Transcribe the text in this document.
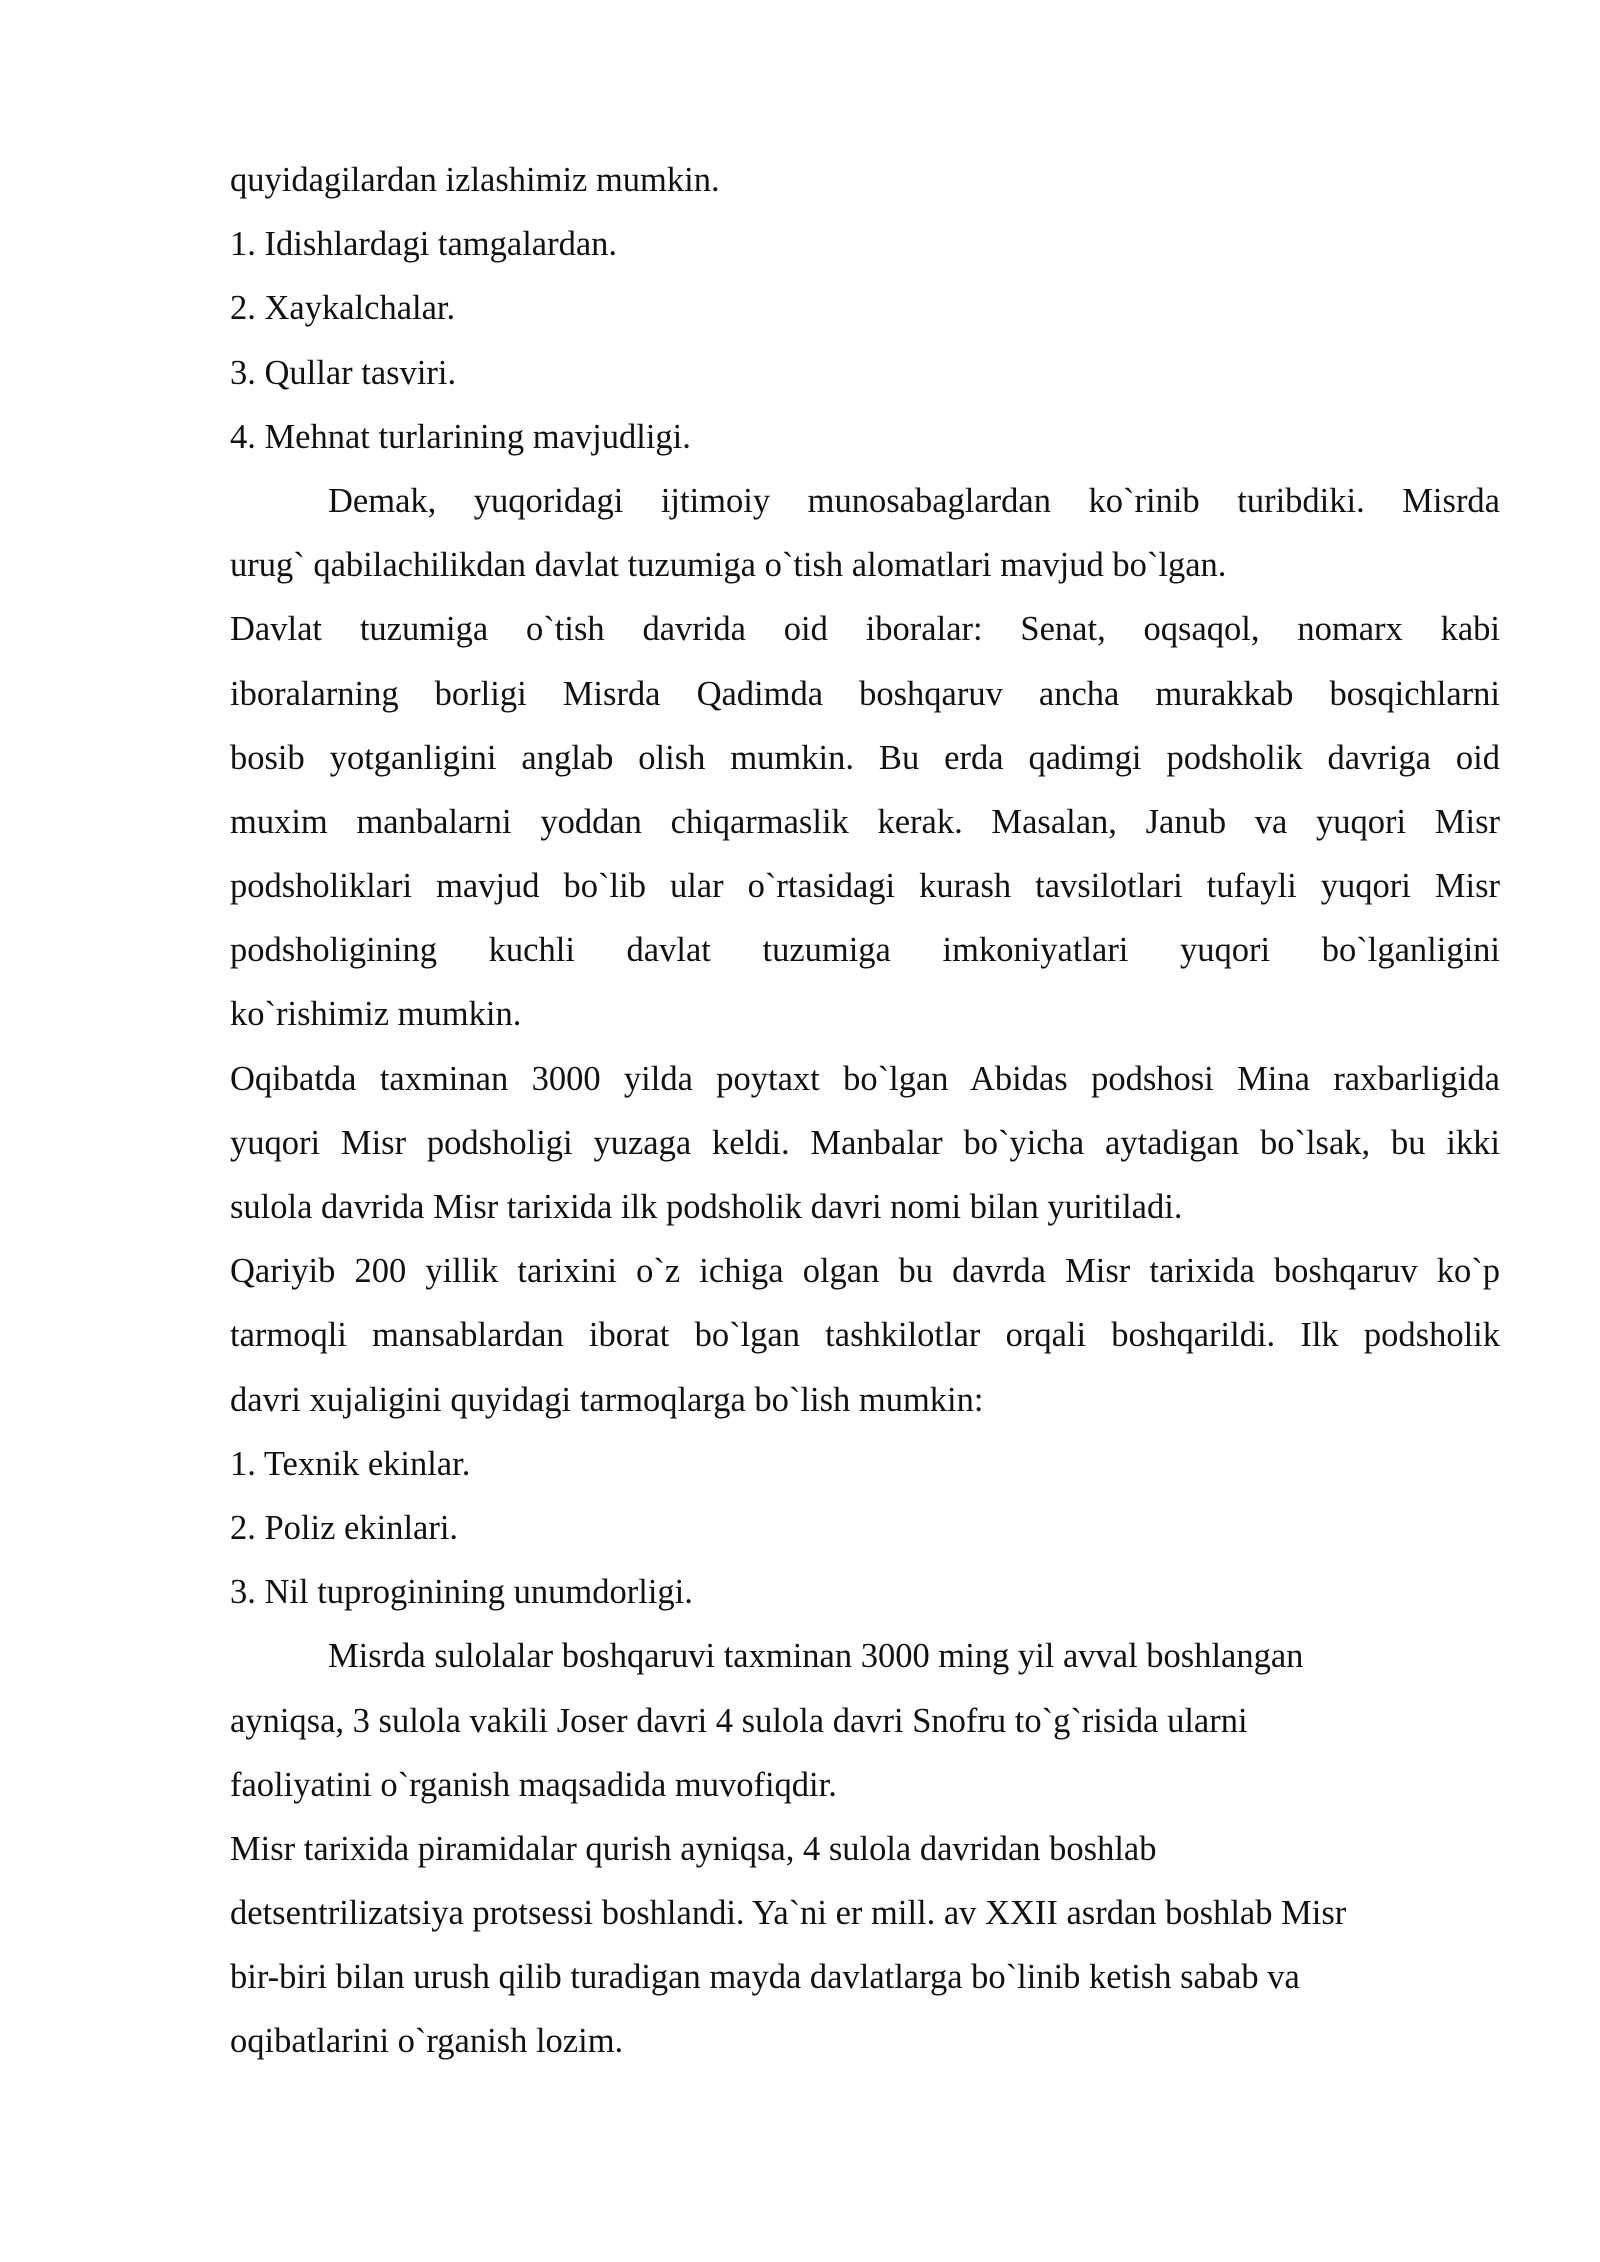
quyidagilardan izlashimiz mumkin.
1. Idishlardagi tamgalardan.
2. Xaykalchalar.
3. Qullar tasviri.
4. Mehnat turlarining mavjudligi.
Demak, yuqoridagi ijtimoiy munosabaglardan ko`rinib turibdiki. Misrda
urug` qabilachilikdan davlat tuzumiga o`tish alomatlari mavjud bo`lgan.
Davlat tuzumiga o`tish davrida oid iboralar: Senat, oqsaqol, nomarx kabi
iboralarning borligi Misrda Qadimda boshqaruv ancha murakkab bosqichlarni
bosib yotganligini anglab olish mumkin. Bu erda qadimgi podsholik davriga oid
muxim manbalarni yoddan chiqarmaslik kerak. Masalan, Janub va yuqori Misr
podsholiklari mavjud bo`lib ular o`rtasidagi kurash tavsilotlari tufayli yuqori Misr
podsholigining kuchli davlat tuzumiga imkoniyatlari yuqori bo`lganligini
ko`rishimiz mumkin.
Oqibatda taxminan 3000 yilda poytaxt bo`lgan Abidas podshosi Mina raxbarligida
yuqori Misr podsholigi yuzaga keldi. Manbalar bo`yicha aytadigan bo`lsak, bu ikki
sulola davrida Misr tarixida ilk podsholik davri nomi bilan yuritiladi.
Qariyib 200 yillik tarixini o`z ichiga olgan bu davrda Misr tarixida boshqaruv ko`p
tarmoqli mansablardan iborat bo`lgan tashkilotlar orqali boshqarildi. Ilk podsholik
davri xujaligini quyidagi tarmoqlarga bo`lish mumkin:
1. Texnik ekinlar.
2. Poliz ekinlari.
3. Nil tuproginining unumdorligi.
Misrda sulolalar boshqaruvi taxminan 3000 ming yil avval boshlangan
ayniqsa, 3 sulola vakili Joser davri 4 sulola davri Snofru to`g`risida ularni
faoliyatini o`rganish maqsadida muvofiqdir.
Misr tarixida piramidalar qurish ayniqsa, 4 sulola davridan boshlab
detsentrilizatsiya protsessi boshlandi. Ya`ni er mill. av XXII asrdan boshlab Misr
bir-biri bilan urush qilib turadigan mayda davlatlarga bo`linib ketish sabab va
oqibatlarini o`rganish lozim.
